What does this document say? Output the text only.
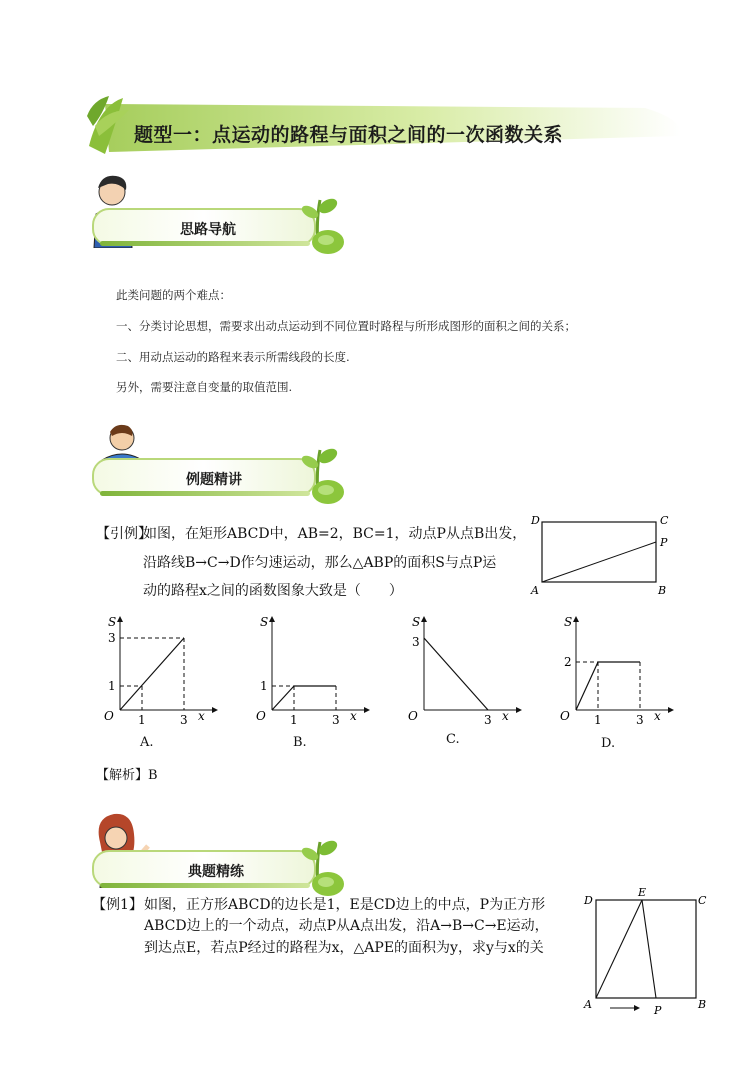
题型一：点运动的路程与面积之间的一次函数关系
思路导航
此类问题的两个难点：
一、分类讨论思想，需要求出动点运动到不同位置时路程与所形成图形的面积之间的关系；
二、用动点运动的路程来表示所需线段的长度.
另外，需要注意自变量的取值范围.
例题精讲
【引例】
如图，在矩形ABCD中，AB=2，BC=1，动点P从点B出发，
沿路线B→C→D作匀速运动，那么△ABP的面积S与点P运
动的路程x之间的函数图象大致是（　　）
D	C
P
A	B
S
x
O
3
1
1	3
A.
S
x
O
1
1	3
B.
S
x
O
3
3
C.
S
x
O
2
1	3
D.
【解析】B
典题精练
【例1】 如图，正方形ABCD的边长是1，E是CD边上的中点，P为正方形
ABCD边上的一个动点，动点P从A点出发，沿A→B→C→E运动，
到达点E，若点P经过的路程为x，△APE的面积为y，求y与x的关
D
E
C
A	P	B
